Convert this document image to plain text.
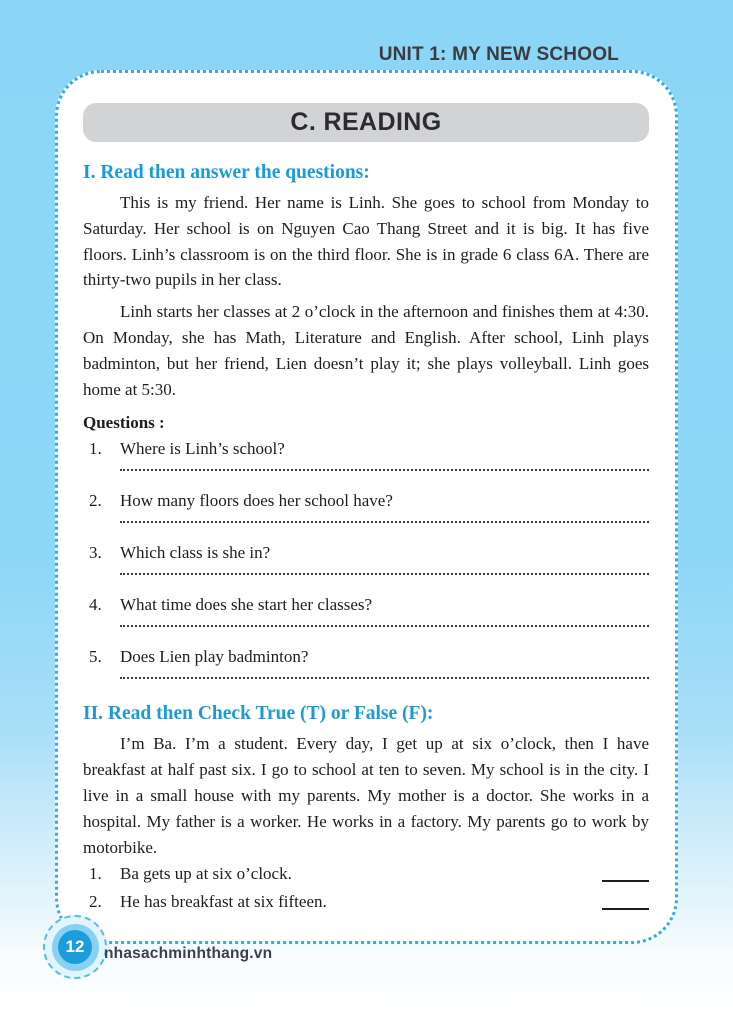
UNIT 1: MY NEW SCHOOL
C. READING
I. Read then answer the questions:

This is my friend. Her name is Linh. She goes to school from Monday to Saturday. Her school is on Nguyen Cao Thang Street and it is big. It has five floors. Linh’s classroom is on the third floor. She is in grade 6 class 6A. There are thirty-two pupils in her class.

Linh starts her classes at 2 o’clock in the afternoon and finishes them at 4:30. On Monday, she has Math, Literature and English. After school, Linh plays badminton, but her friend, Lien doesn’t play it; she plays volleyball. Linh goes home at 5:30.

Questions :
1.	Where is Linh’s school?
2.	How many floors does her school have?
3.	Which class is she in?
4.	What time does she start her classes?
5.	Does Lien play badminton?
II. Read then Check True (T) or False (F):

I’m Ba. I’m a student. Every day, I get up at six o’clock, then I have breakfast at half past six. I go to school at ten to seven. My school is in the city. I live in a small house with my parents. My mother is a doctor. She works in a hospital. My father is a worker. He works in a factory. My parents go to work by motorbike.

1.	Ba gets up at six o’clock.
2.	He has breakfast at six fifteen.
12	nhasachminhthang.vn
